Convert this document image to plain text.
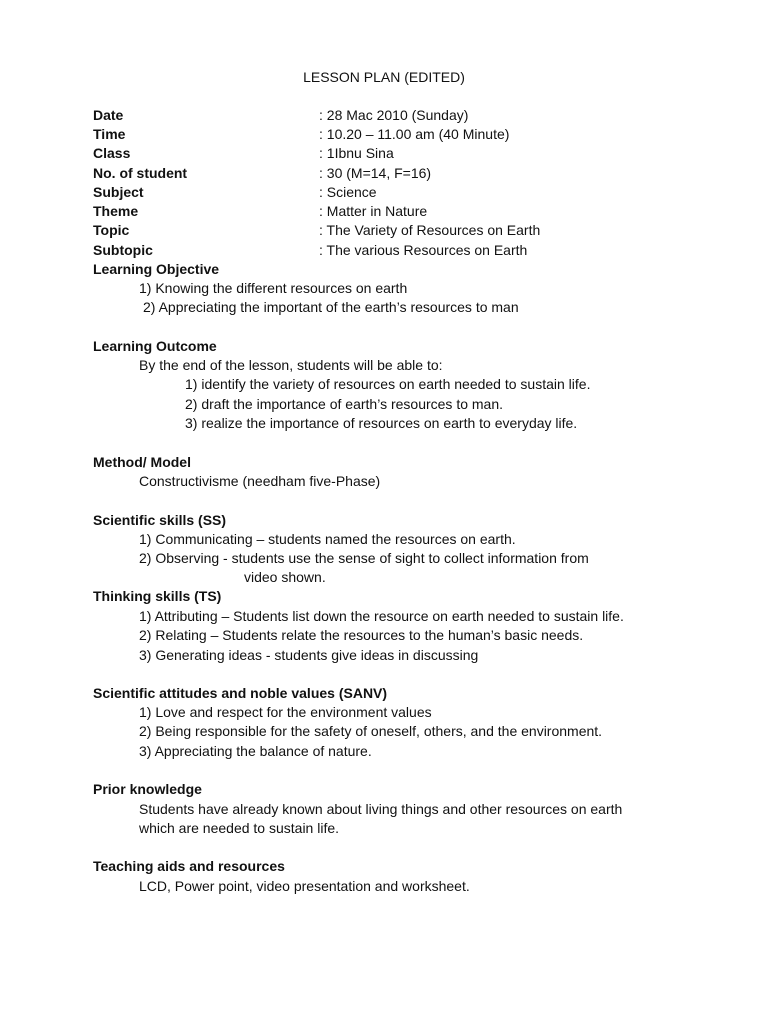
LESSON PLAN (EDITED)
Date	: 28 Mac 2010 (Sunday)
Time	: 10.20 – 11.00 am (40 Minute)
Class	: 1Ibnu Sina
No. of student	: 30 (M=14, F=16)
Subject	: Science
Theme	: Matter in Nature
Topic	: The Variety of Resources on Earth
Subtopic	: The various Resources on Earth
Learning Objective
1) Knowing the different resources on earth
2) Appreciating the important of the earth’s resources to man
Learning Outcome
By the end of the lesson, students will be able to:
1) identify the variety of resources on earth needed to sustain life.
2) draft the importance of earth’s resources to man.
3) realize the importance of resources on earth to everyday life.
Method/ Model
Constructivisme (needham five-Phase)
Scientific skills (SS)
1) Communicating – students named the resources on earth.
2) Observing - students use the sense of sight to collect information from
video shown.
Thinking skills (TS)
1) Attributing – Students list down the resource on earth needed to sustain life.
2) Relating – Students relate the resources to the human’s basic needs.
3) Generating ideas - students give ideas in discussing
Scientific attitudes and noble values (SANV)
1) Love and respect for the environment values
2) Being responsible for the safety of oneself, others, and the environment.
3) Appreciating the balance of nature.
Prior knowledge
Students have already known about living things and other resources on earth
which are needed to sustain life.
Teaching aids and resources
LCD, Power point, video presentation and worksheet.
